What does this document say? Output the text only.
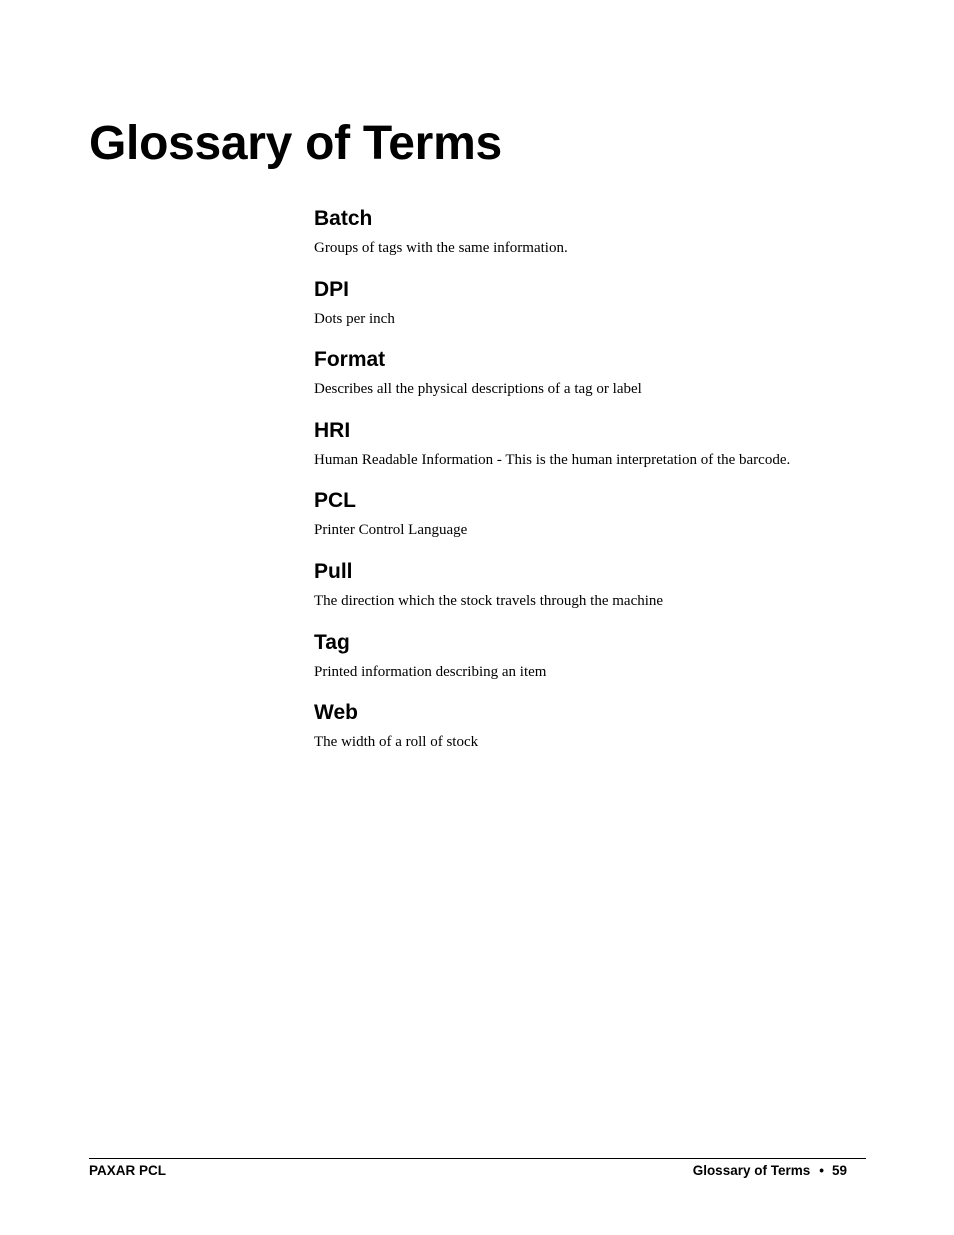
Glossary of Terms
Batch

Groups of tags with the same information.

DPI

Dots per inch

Format

Describes all the physical descriptions of a tag or label

HRI

Human Readable Information - This is the human interpretation of the barcode.

PCL

Printer Control Language

Pull

The direction which the stock travels through the machine

Tag

Printed information describing an item

Web

The width of a roll of stock

PAXAR PCL	Glossary of Terms • 59
